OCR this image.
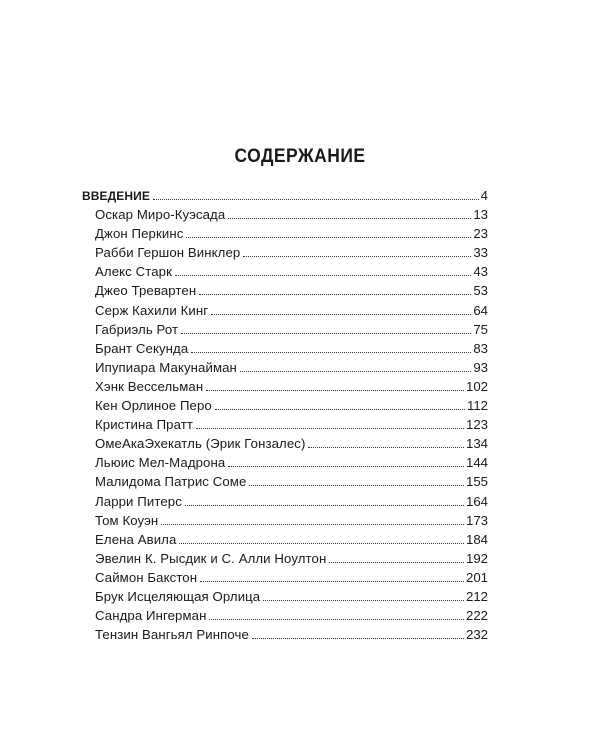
СОДЕРЖАНИЕ
ВВЕДЕНИЕ	4
Оскар Миро-Куэсада	13
Джон Перкинс	23
Рабби Гершон Винклер	33
Алекс Старк	43
Джео Тревартен	53
Серж Кахили Кинг	64
Габриэль Рот	75
Брант Секунда	83
Ипупиара Макунайман	93
Хэнк Вессельман	102
Кен Орлиное Перо	112
Кристина Пратт	123
ОмеАкаЭхекатль (Эрик Гонзалес)	134
Льюис Мел-Мадрона	144
Малидома Патрис Соме	155
Ларри Питерс	164
Том Коуэн	173
Елена Авила	184
Эвелин К. Рысдик и С. Алли Ноултон	192
Саймон Бакстон	201
Брук Исцеляющая Орлица	212
Сандра Ингерман	222
Тензин Вангьял Ринпоче	232
